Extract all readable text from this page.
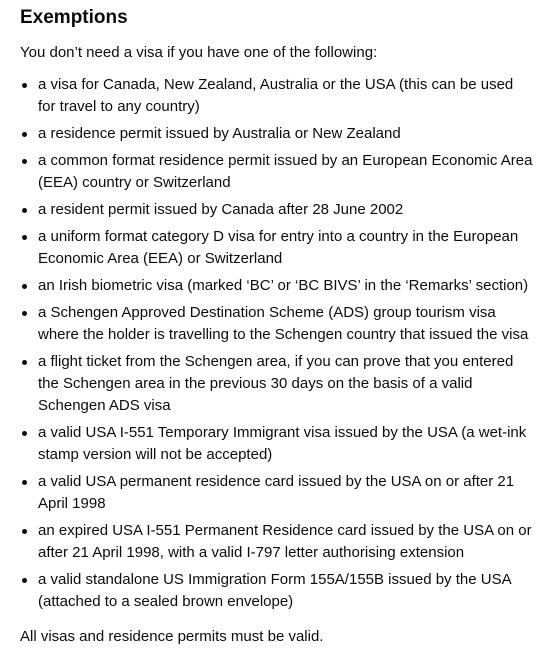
Exemptions

You don’t need a visa if you have one of the following:

a visa for Canada, New Zealand, Australia or the USA (this can be used for travel to any country)
a residence permit issued by Australia or New Zealand
a common format residence permit issued by an European Economic Area (EEA) country or Switzerland
a resident permit issued by Canada after 28 June 2002
a uniform format category D visa for entry into a country in the European Economic Area (EEA) or Switzerland
an Irish biometric visa (marked ‘BC’ or ‘BC BIVS’ in the ‘Remarks’ section)
a Schengen Approved Destination Scheme (ADS) group tourism visa where the holder is travelling to the Schengen country that issued the visa
a flight ticket from the Schengen area, if you can prove that you entered the Schengen area in the previous 30 days on the basis of a valid Schengen ADS visa
a valid USA I-551 Temporary Immigrant visa issued by the USA (a wet-ink stamp version will not be accepted)
a valid USA permanent residence card issued by the USA on or after 21 April 1998
an expired USA I-551 Permanent Residence card issued by the USA on or after 21 April 1998, with a valid I-797 letter authorising extension
a valid standalone US Immigration Form 155A/155B issued by the USA (attached to a sealed brown envelope)

All visas and residence permits must be valid.
